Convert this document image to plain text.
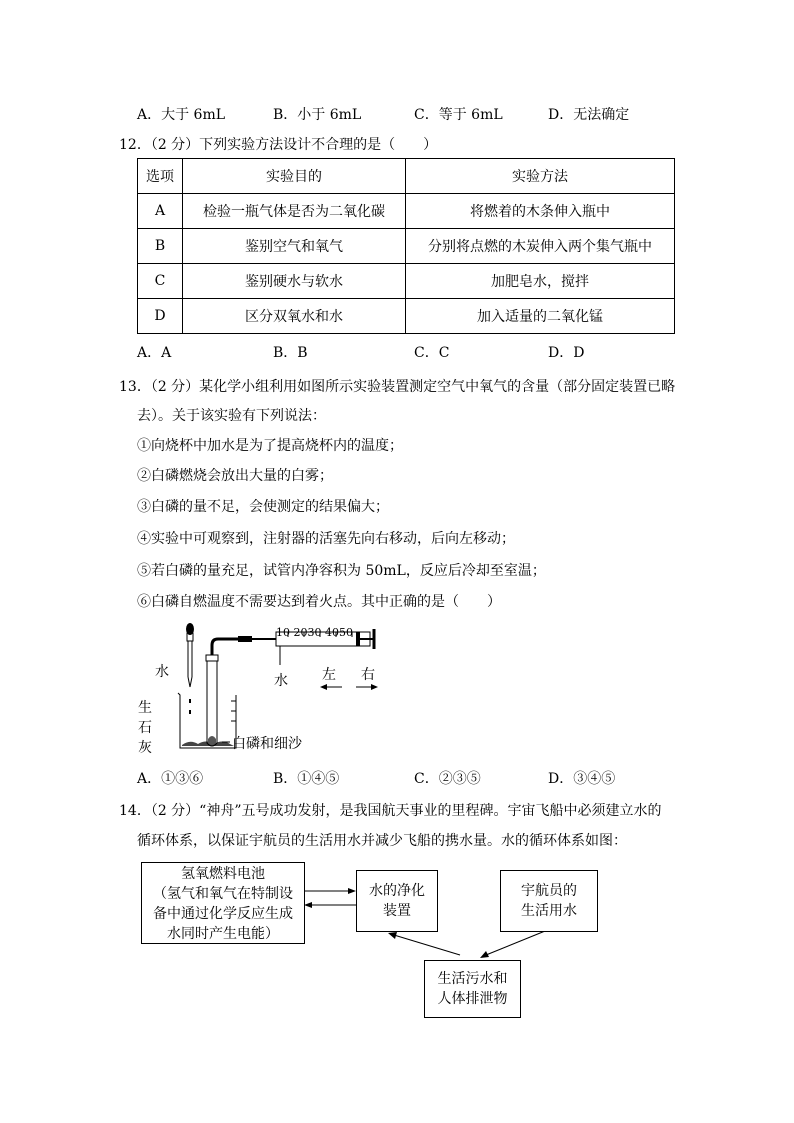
A．大于 6mL	B．小于 6mL	C．等于 6mL	D．无法确定
12．（2 分）下列实验方法设计不合理的是（　　）
选项	实验目的	实验方法
A	检验一瓶气体是否为二氧化碳	将燃着的木条伸入瓶中
B	鉴别空气和氧气	分别将点燃的木炭伸入两个集气瓶中
C	鉴别硬水与软水	加肥皂水，搅拌
D	区分双氧水和水	加入适量的二氧化锰
A．A	B．B	C．C	D．D
13．（2 分）某化学小组利用如图所示实验装置测定空气中氧气的含量（部分固定装置已略
去）。关于该实验有下列说法：
①向烧杯中加水是为了提高烧杯内的温度；
②白磷燃烧会放出大量的白雾；
③白磷的量不足，会使测定的结果偏大；
④实验中可观察到，注射器的活塞先向右移动，后向左移动；
⑤若白磷的量充足，试管内净容积为 50mL，反应后冷却至室温；
⑥白磷自燃温度不需要达到着火点。其中正确的是（　　）
10 2030 4050
水
水 左 右
生
石
灰	白磷和细沙
A．①③⑥	B．①④⑤	C．②③⑤	D．③④⑤
14．（2 分）“神舟”五号成功发射，是我国航天事业的里程碑。宇宙飞船中必须建立水的
循环体系，以保证宇航员的生活用水并减少飞船的携水量。水的循环体系如图：
氢氧燃料电池
（氢气和氧气在特制设
备中通过化学反应生成
水同时产生电能）
水的净化
装置
宇航员的
生活用水
生活污水和
人体排泄物
